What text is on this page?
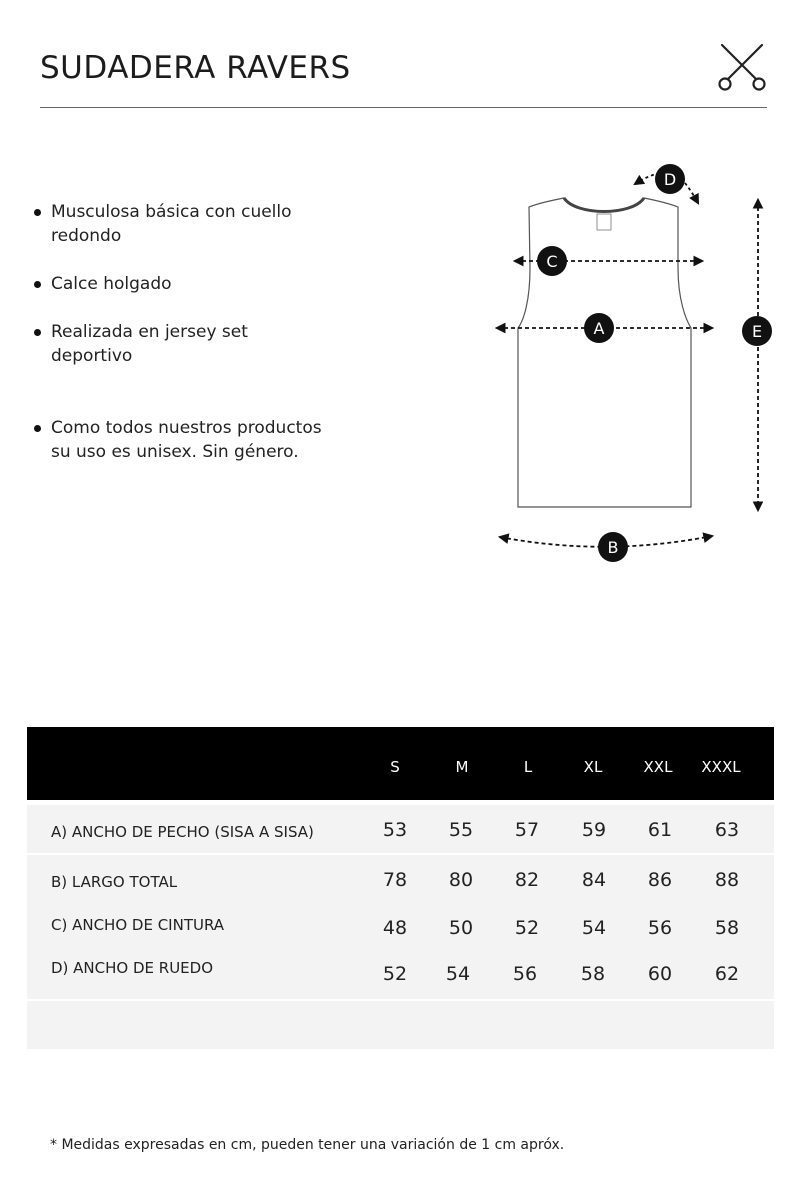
SUDADERA RAVERS
Musculosa básica con cuello redondo
Calce holgado
Realizada en jersey set deportivo
Como todos nuestros productos su uso es unisex. Sin género.
C
A
B
D
E
S	M	L	XL	XXL	XXXL
A) ANCHO DE PECHO (SISA A SISA)	53	55	57	59	61	63
B) LARGO TOTAL	78	80	82	84	86	88
C) ANCHO DE CINTURA	48	50	52	54	56	58
D) ANCHO DE RUEDO	52	54	56	58	60	62
* Medidas expresadas en cm, pueden tener una variación de 1 cm apróx.
